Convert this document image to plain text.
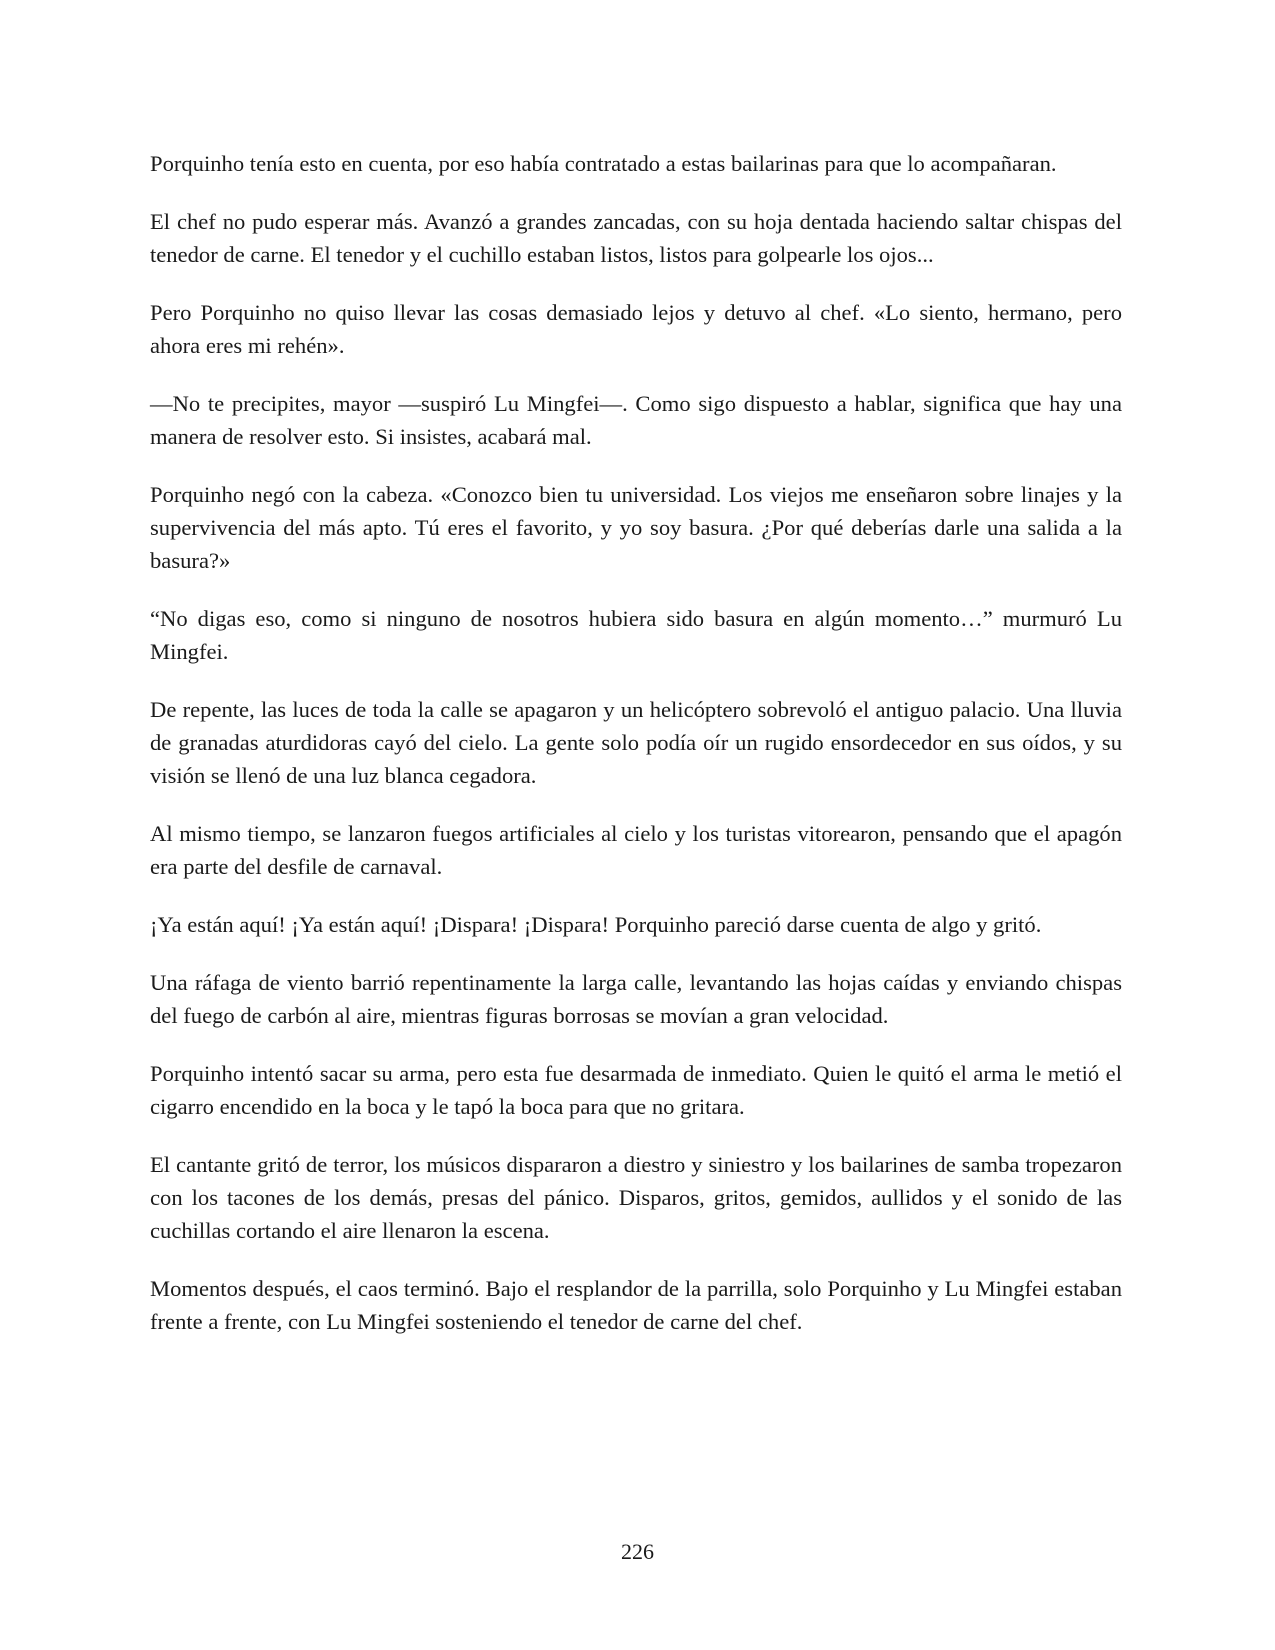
Porquinho tenía esto en cuenta, por eso había contratado a estas bailarinas para que lo acompañaran.

El chef no pudo esperar más. Avanzó a grandes zancadas, con su hoja dentada haciendo saltar chispas del tenedor de carne. El tenedor y el cuchillo estaban listos, listos para golpearle los ojos...

Pero Porquinho no quiso llevar las cosas demasiado lejos y detuvo al chef. «Lo siento, hermano, pero ahora eres mi rehén».

—No te precipites, mayor —suspiró Lu Mingfei—. Como sigo dispuesto a hablar, significa que hay una manera de resolver esto. Si insistes, acabará mal.

Porquinho negó con la cabeza. «Conozco bien tu universidad. Los viejos me enseñaron sobre linajes y la supervivencia del más apto. Tú eres el favorito, y yo soy basura. ¿Por qué deberías darle una salida a la basura?»

“No digas eso, como si ninguno de nosotros hubiera sido basura en algún momento…” murmuró Lu Mingfei.

De repente, las luces de toda la calle se apagaron y un helicóptero sobrevoló el antiguo palacio. Una lluvia de granadas aturdidoras cayó del cielo. La gente solo podía oír un rugido ensordecedor en sus oídos, y su visión se llenó de una luz blanca cegadora.

Al mismo tiempo, se lanzaron fuegos artificiales al cielo y los turistas vitorearon, pensando que el apagón era parte del desfile de carnaval.

¡Ya están aquí! ¡Ya están aquí! ¡Dispara! ¡Dispara! Porquinho pareció darse cuenta de algo y gritó.

Una ráfaga de viento barrió repentinamente la larga calle, levantando las hojas caídas y enviando chispas del fuego de carbón al aire, mientras figuras borrosas se movían a gran velocidad.

Porquinho intentó sacar su arma, pero esta fue desarmada de inmediato. Quien le quitó el arma le metió el cigarro encendido en la boca y le tapó la boca para que no gritara.

El cantante gritó de terror, los músicos dispararon a diestro y siniestro y los bailarines de samba tropezaron con los tacones de los demás, presas del pánico. Disparos, gritos, gemidos, aullidos y el sonido de las cuchillas cortando el aire llenaron la escena.

Momentos después, el caos terminó. Bajo el resplandor de la parrilla, solo Porquinho y Lu Mingfei estaban frente a frente, con Lu Mingfei sosteniendo el tenedor de carne del chef.

226
